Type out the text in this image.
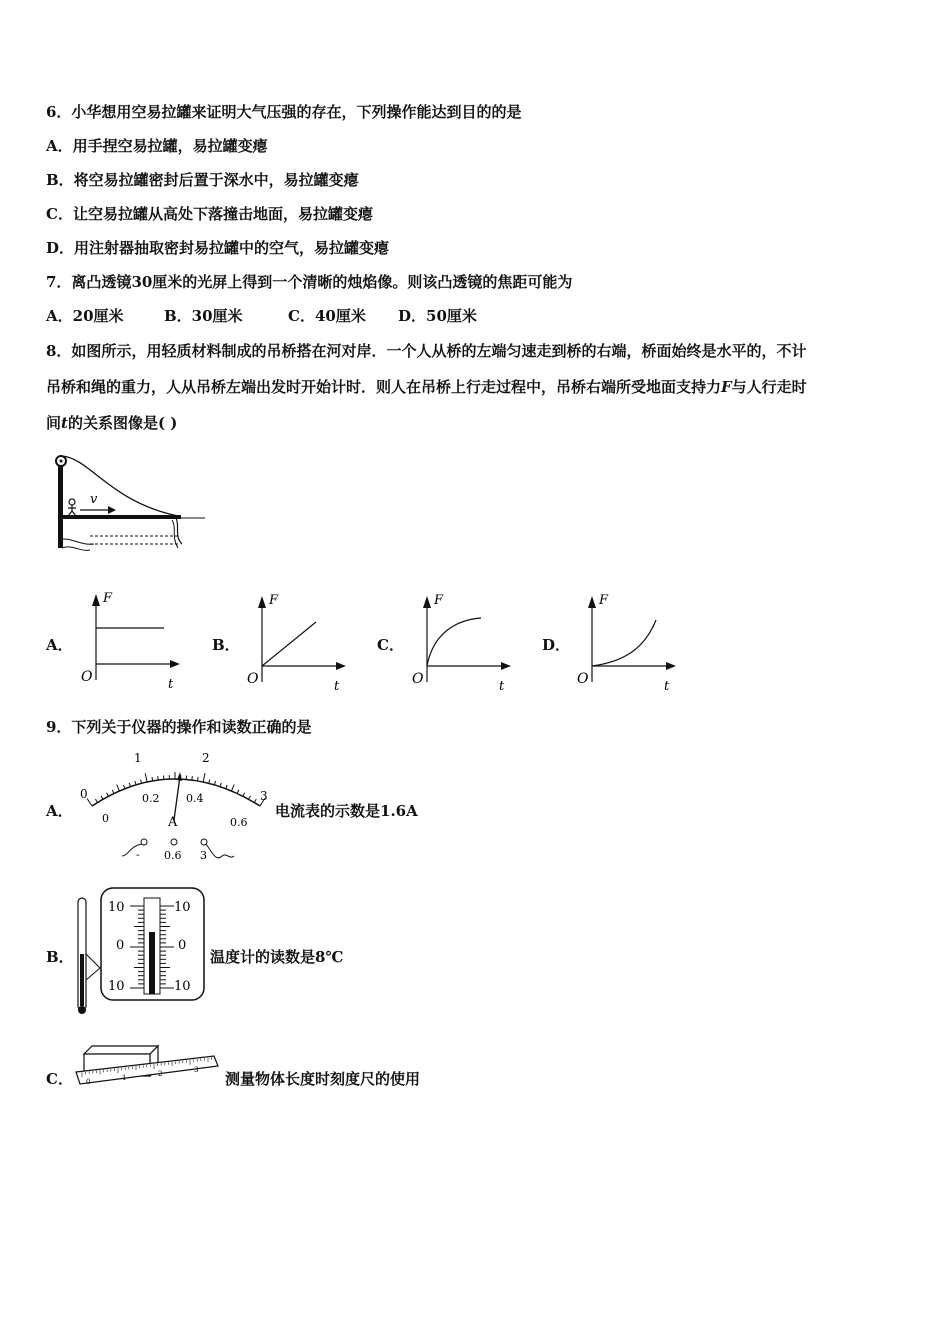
6．小华想用空易拉罐来证明大气压强的存在，下列操作能达到目的的是
A．用手捏空易拉罐，易拉罐变瘪
B．将空易拉罐密封后置于深水中，易拉罐变瘪
C．让空易拉罐从高处下落撞击地面，易拉罐变瘪
D．用注射器抽取密封易拉罐中的空气，易拉罐变瘪
7．离凸透镜30厘米的光屏上得到一个清晰的烛焰像。则该凸透镜的焦距可能为
A．20厘米	B．30厘米	C．40厘米 D．50厘米
8．如图所示，用轻质材料制成的吊桥搭在河对岸．一个人从桥的左端匀速走到桥的右端，桥面始终是水平的，不计
吊桥和绳的重力，人从吊桥左端出发时开始计时．则人在吊桥上行走过程中，吊桥右端所受地面支持力F与人行走时
间t的关系图像是( )
v
A．
F
t
O
B．
F
t
O
C．
F
t
O
D．
F
t
O
9．下列关于仪器的操作和读数正确的是
A．
0
1	2
3
0
0.2 0.4
0.6
A
- 0.6 3
电流表的示数是1.6A
B．
10
0
10
10
0
10
温度计的读数是8℃
C． 0	1	2	3 测量物体长度时刻度尺的使用
